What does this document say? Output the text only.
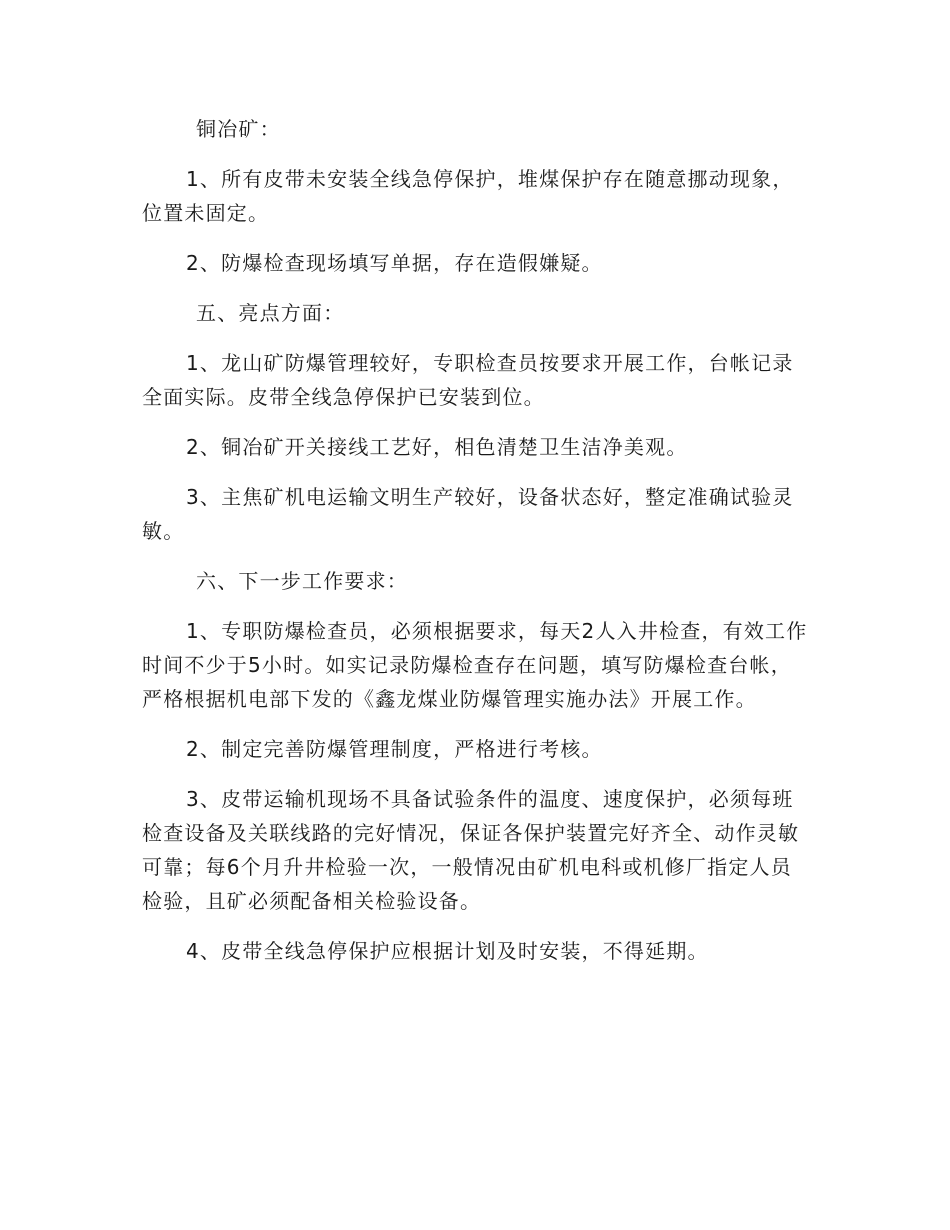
铜冶矿：

1、所有皮带未安装全线急停保护，堆煤保护存在随意挪动现象，位置未固定。

2、防爆检查现场填写单据，存在造假嫌疑。

五、亮点方面：

1、龙山矿防爆管理较好，专职检查员按要求开展工作，台帐记录全面实际。皮带全线急停保护已安装到位。

2、铜冶矿开关接线工艺好，相色清楚卫生洁净美观。

3、主焦矿机电运输文明生产较好，设备状态好，整定准确试验灵敏。

六、下一步工作要求：

1、专职防爆检查员，必须根据要求，每天2人入井检查，有效工作时间不少于5小时。如实记录防爆检查存在问题，填写防爆检查台帐，严格根据机电部下发的《鑫龙煤业防爆管理实施办法》开展工作。

2、制定完善防爆管理制度，严格进行考核。

3、皮带运输机现场不具备试验条件的温度、速度保护，必须每班检查设备及关联线路的完好情况，保证各保护装置完好齐全、动作灵敏可靠；每6个月升井检验一次，一般情况由矿机电科或机修厂指定人员检验，且矿必须配备相关检验设备。

4、皮带全线急停保护应根据计划及时安装，不得延期。
